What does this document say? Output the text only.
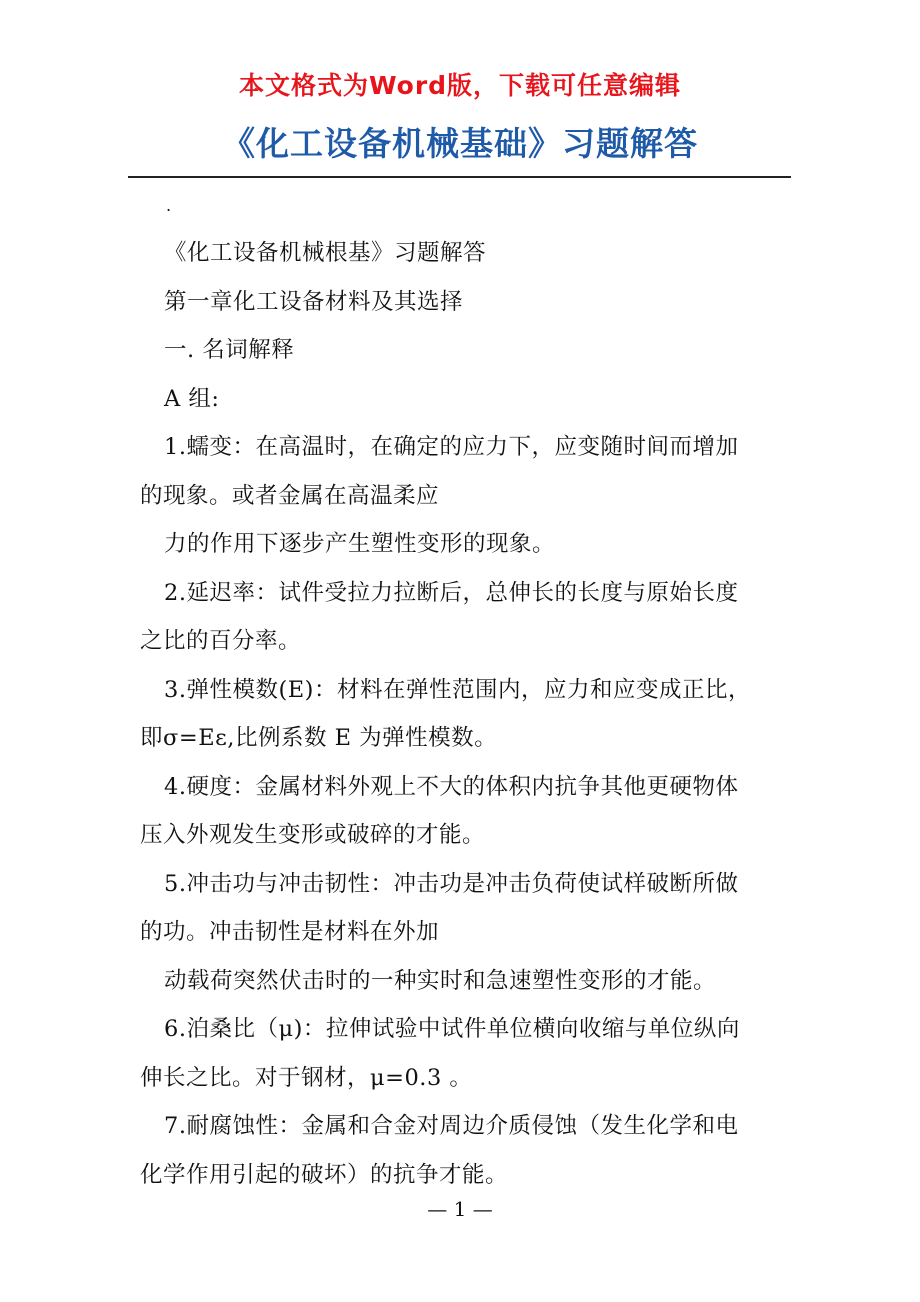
本文格式为Word版，下载可任意编辑
《化工设备机械基础》习题解答
.

《化工设备机械根基》习题解答

第一章化工设备材料及其选择

一. 名词解释

A 组:

1.蠕变：在高温时，在确定的应力下，应变随时间而增加

的现象。或者金属在高温柔应

力的作用下逐步产生塑性变形的现象。

2.延迟率：试件受拉力拉断后，总伸长的长度与原始长度

之比的百分率。

3.弹性模数(E)：材料在弹性范围内，应力和应变成正比，

即σ=Eε,比例系数 E 为弹性模数。

4.硬度：金属材料外观上不大的体积内抗争其他更硬物体

压入外观发生变形或破碎的才能。

5.冲击功与冲击韧性：冲击功是冲击负荷使试样破断所做

的功。冲击韧性是材料在外加

动载荷突然伏击时的一种实时和急速塑性变形的才能。

6.泊桑比（μ)：拉伸试验中试件单位横向收缩与单位纵向

伸长之比。对于钢材，μ=0.3 。

7.耐腐蚀性：金属和合金对周边介质侵蚀（发生化学和电

化学作用引起的破坏）的抗争才能。

— 1 —
